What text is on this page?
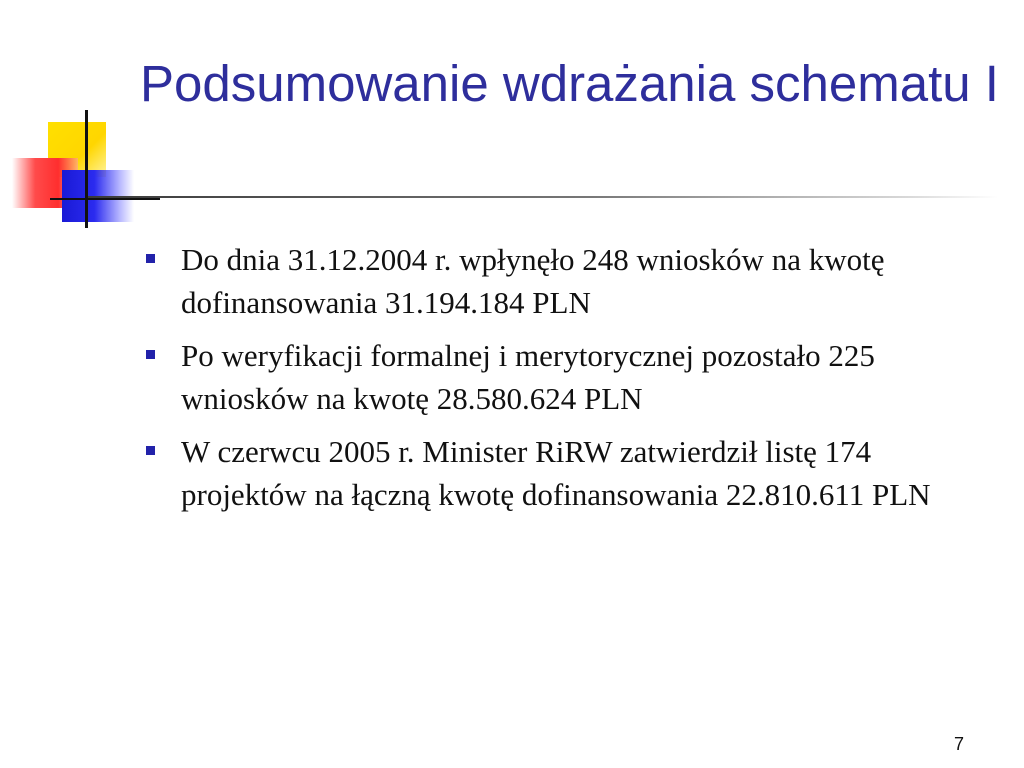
Podsumowanie wdrażania schematu I
Do dnia 31.12.2004 r. wpłynęło 248 wniosków na kwotę dofinansowania 31.194.184 PLN
Po weryfikacji formalnej i merytorycznej pozostało 225 wniosków na kwotę 28.580.624 PLN
W czerwcu 2005 r. Minister RiRW zatwierdził listę 174 projektów na łączną kwotę dofinansowania 22.810.611 PLN
7
